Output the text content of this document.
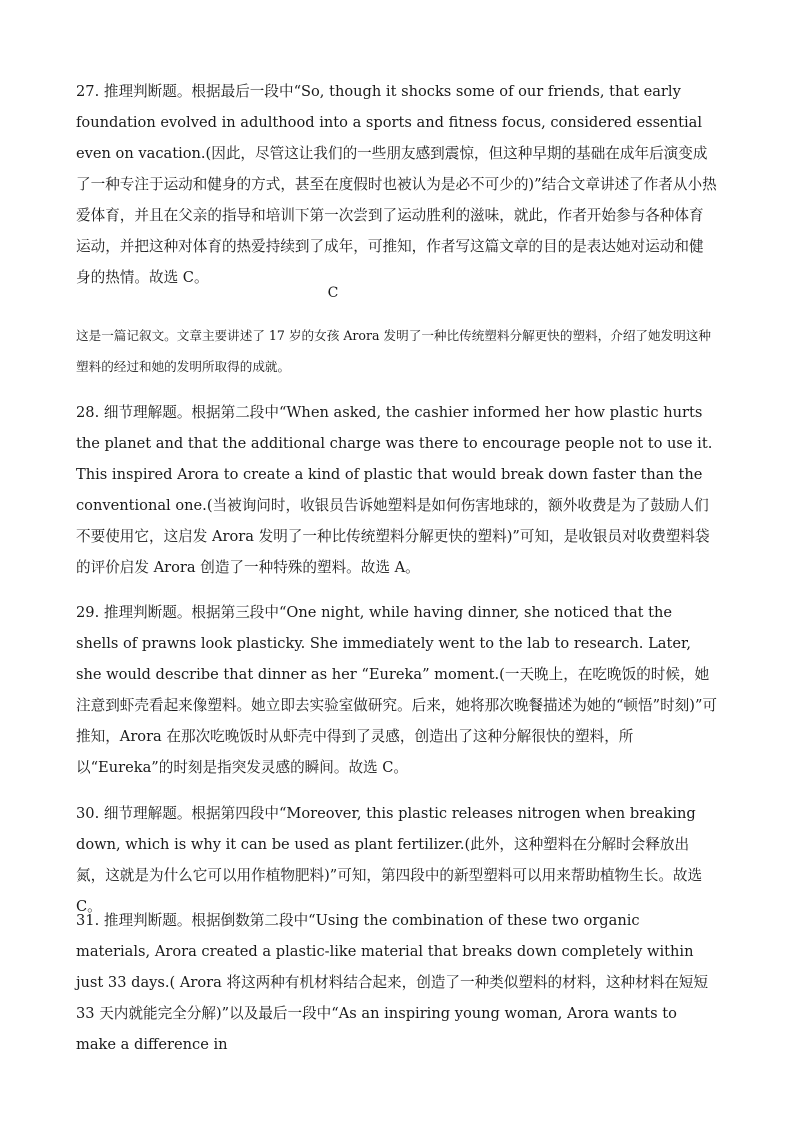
27. 推理判断题。根据最后一段中“So, though it shocks some of our friends, that early foundation evolved in adulthood into a sports and fitness focus, considered essential even on vacation.(因此，尽管这让我们的一些朋友感到震惊，但这种早期的基础在成年后演变成了一种专注于运动和健身的方式，甚至在度假时也被认为是必不可少的)”结合文章讲述了作者从小热爱体育，并且在父亲的指导和培训下第一次尝到了运动胜利的滋味，就此，作者开始参与各种体育运动，并把这种对体育的热爱持续到了成年，可推知，作者写这篇文章的目的是表达她对运动和健身的热情。故选 C。

C

这是一篇记叙文。文章主要讲述了 17 岁的女孩 Arora 发明了一种比传统塑料分解更快的塑料，介绍了她发明这种塑料的经过和她的发明所取得的成就。

28. 细节理解题。根据第二段中“When asked, the cashier informed her how plastic hurts the planet and that the additional charge was there to encourage people not to use it. This inspired Arora to create a kind of plastic that would break down faster than the conventional one.(当被询问时，收银员告诉她塑料是如何伤害地球的，额外收费是为了鼓励人们不要使用它，这启发 Arora 发明了一种比传统塑料分解更快的塑料)”可知，是收银员对收费塑料袋的评价启发 Arora 创造了一种特殊的塑料。故选 A。

29. 推理判断题。根据第三段中“One night, while having dinner, she noticed that the shells of prawns look plasticky. She immediately went to the lab to research. Later, she would describe that dinner as her “Eureka” moment.(一天晚上，在吃晚饭的时候，她注意到虾壳看起来像塑料。她立即去实验室做研究。后来，她将那次晚餐描述为她的“顿悟”时刻)”可推知，Arora 在那次吃晚饭时从虾壳中得到了灵感，创造出了这种分解很快的塑料，所以“Eureka”的时刻是指突发灵感的瞬间。故选 C。

30. 细节理解题。根据第四段中“Moreover, this plastic releases nitrogen when breaking down, which is why it can be used as plant fertilizer.(此外，这种塑料在分解时会释放出氮，这就是为什么它可以用作植物肥料)”可知，第四段中的新型塑料可以用来帮助植物生长。故选 C。

31. 推理判断题。根据倒数第二段中“Using the combination of these two organic materials, Arora created a plastic-like material that breaks down completely within just 33 days.( Arora 将这两种有机材料结合起来，创造了一种类似塑料的材料，这种材料在短短 33 天内就能完全分解)”以及最后一段中“As an inspiring young woman, Arora wants to make a difference in
